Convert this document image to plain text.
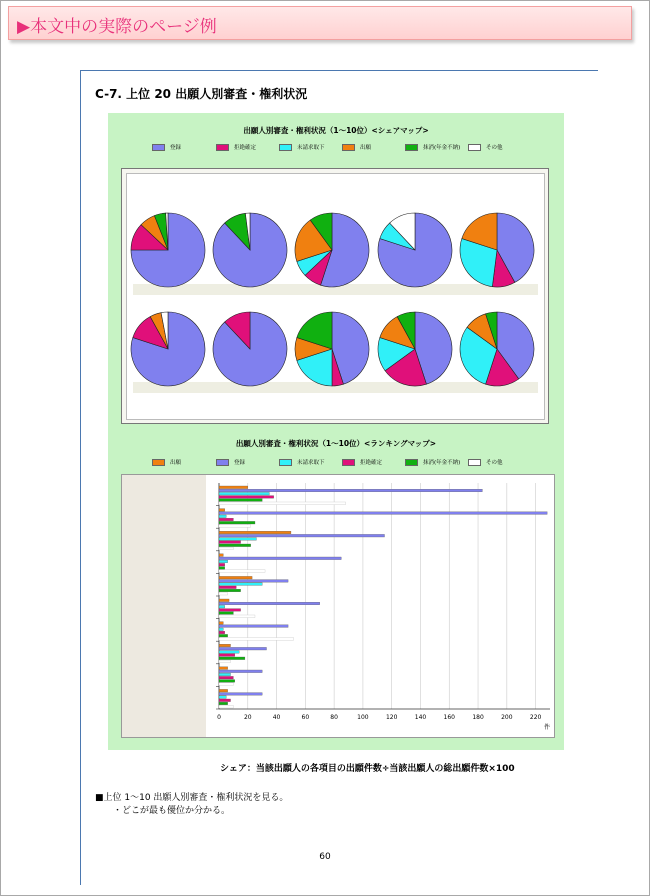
▶本文中の実際のページ例
C-7. 上位 20 出願人別審査・権利状況
出願人別審査・権利状況（1～10位）<シェアマップ>
登録	拒絶確定	未請求取下	出願	抹消(年金不納)	その他
出願人別審査・権利状況（1～10位）<ランキングマップ>
出願	登録	未請求取下	拒絶確定	抹消(年金不納)	その他
0	20	40	60	80	100	120	140	160	180	200	220
件
シェア：当該出願人の各項目の出願件数÷当該出願人の総出願件数×100
■上位 1～10 出願人別審査・権利状況を見る。
・どこが最も優位か分かる。
60
